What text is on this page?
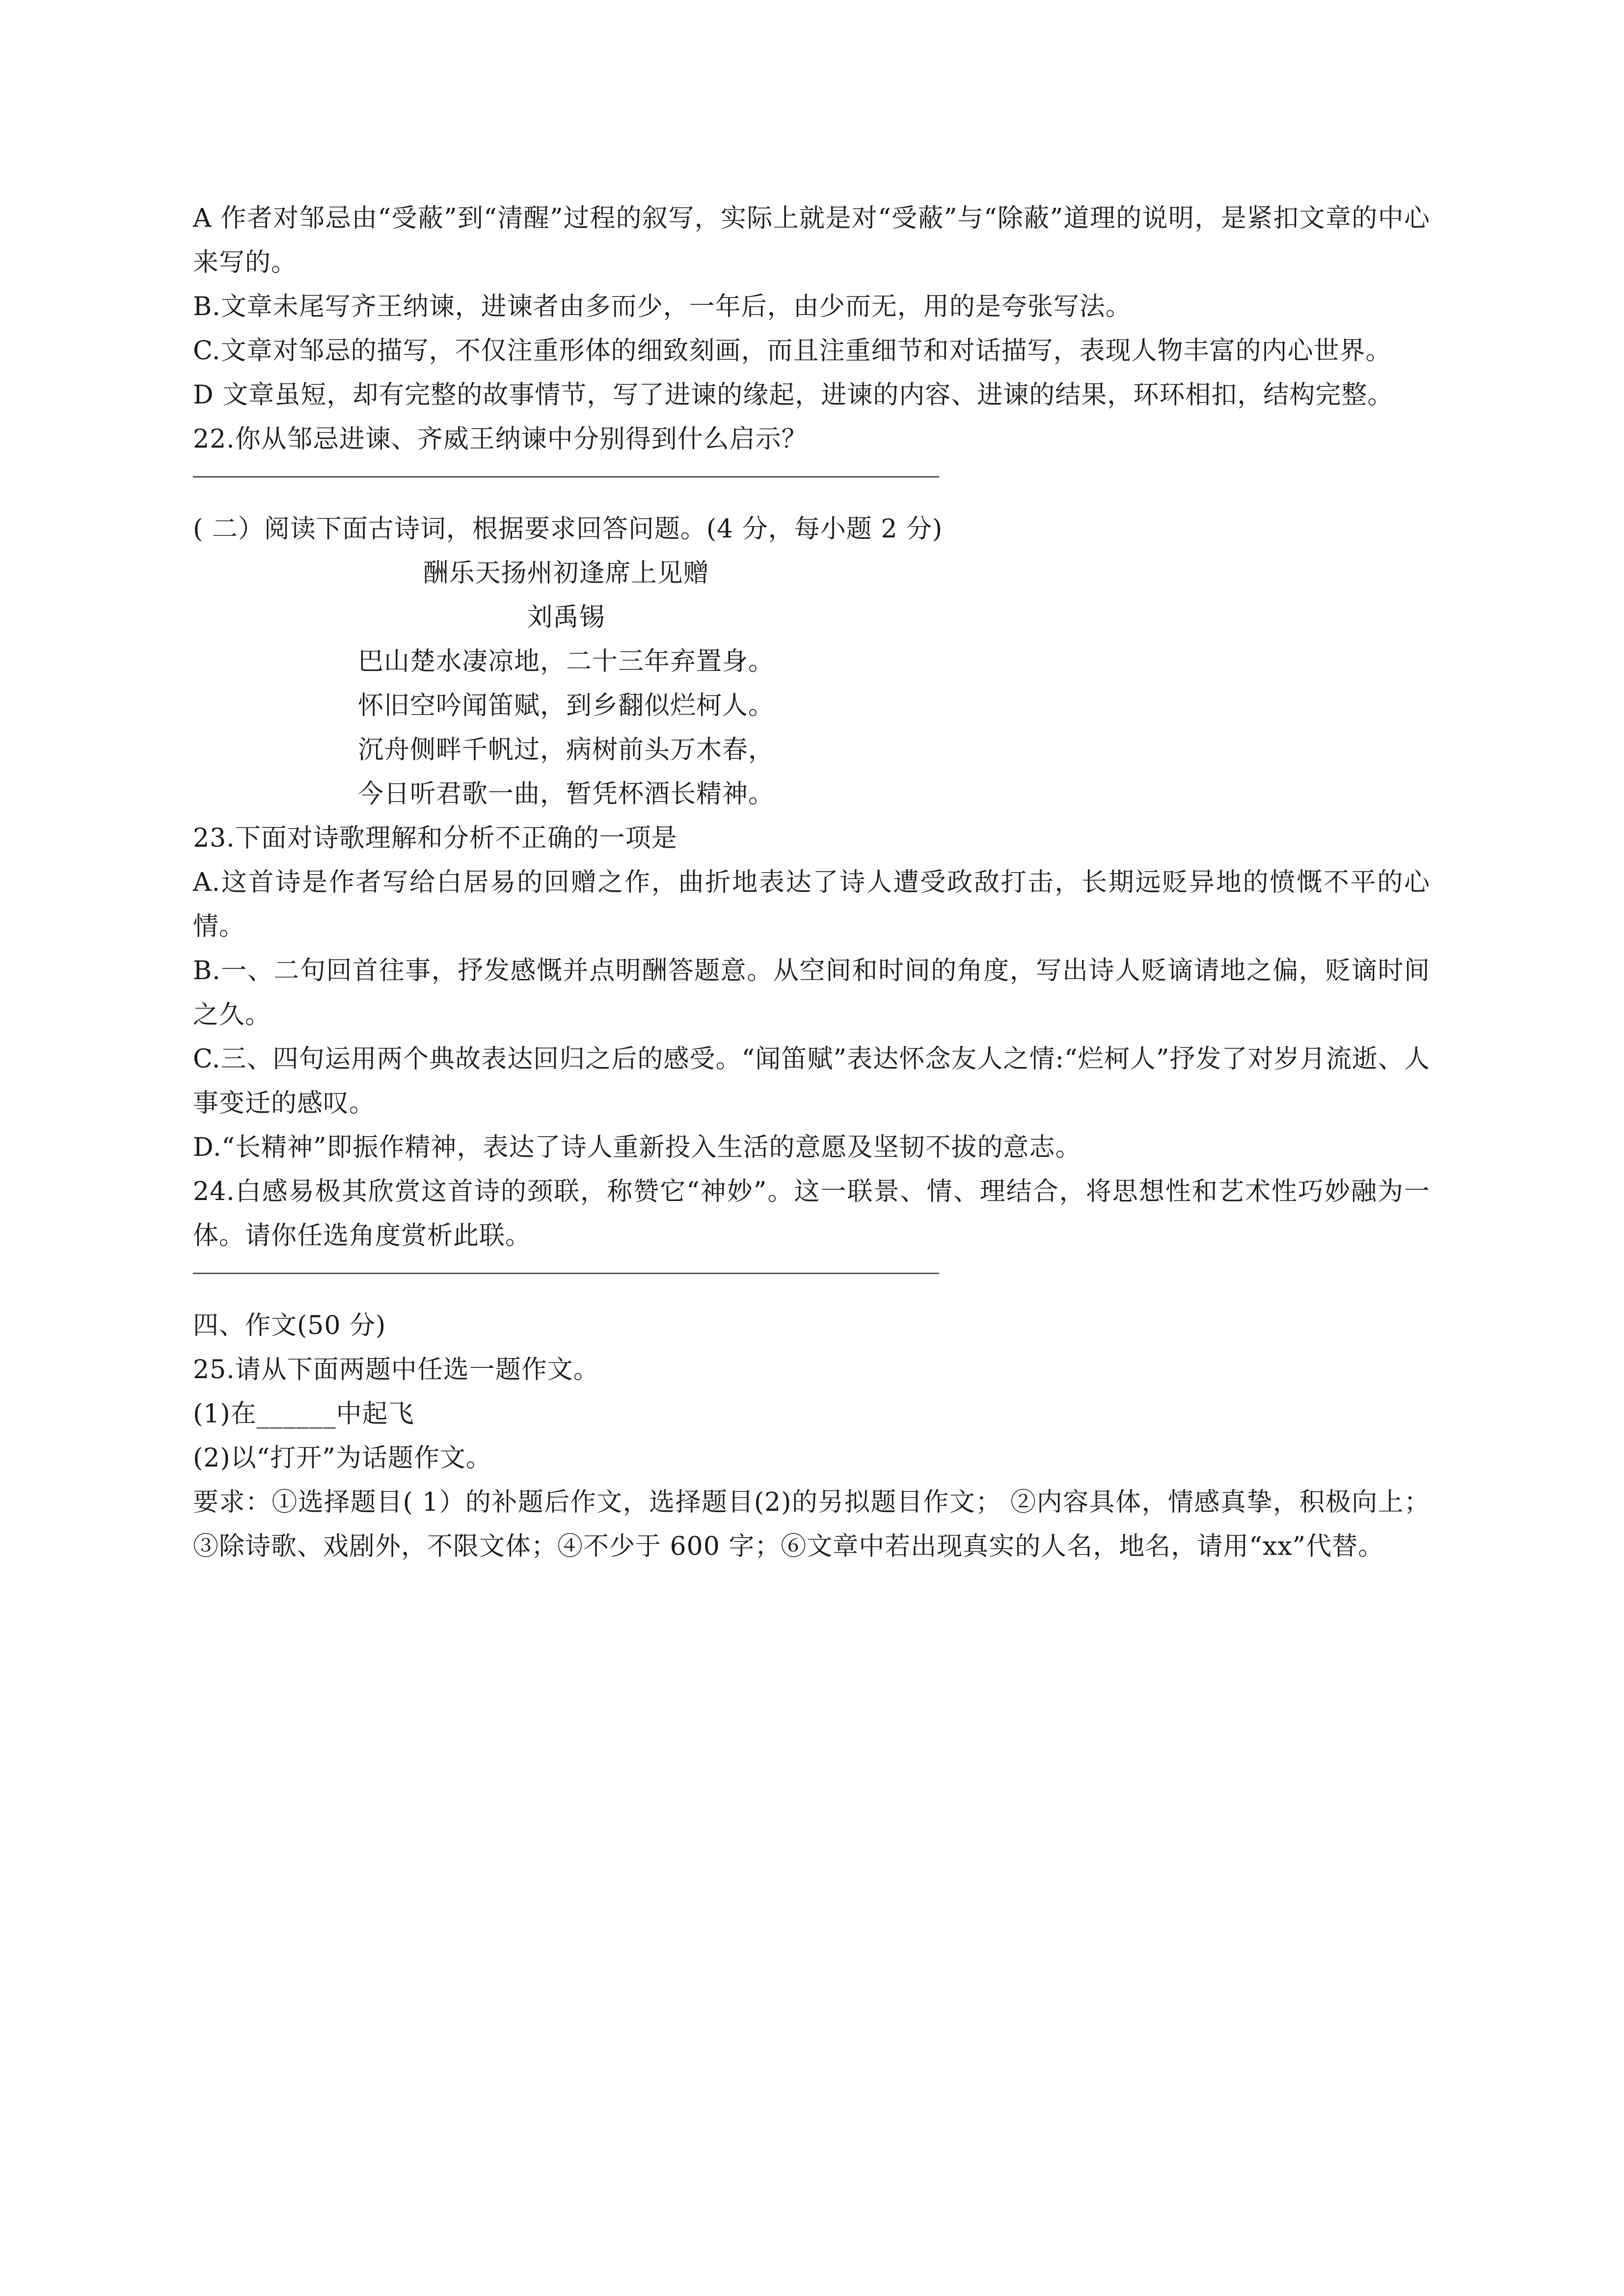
A 作者对邹忌由“受蔽”到“清醒”过程的叙写，实际上就是对“受蔽”与“除蔽”道理的说明，是紧扣文章的中心来写的。

B.文章未尾写齐王纳谏，进谏者由多而少，一年后，由少而无，用的是夸张写法。

C.文章对邹忌的描写，不仅注重形体的细致刻画，而且注重细节和对话描写，表现人物丰富的内心世界。

D 文章虽短，却有完整的故事情节，写了进谏的缘起，进谏的内容、进谏的结果，环环相扣，结构完整。

22.你从邹忌进谏、齐威王纳谏中分别得到什么启示？

( 二）阅读下面古诗词，根据要求回答问题。(4 分，每小题 2 分)

酬乐天扬州初逢席上见赠

刘禹锡

巴山楚水凄凉地，二十三年弃置身。

怀旧空吟闻笛赋，到乡翻似烂柯人。

沉舟侧畔千帆过，病树前头万木春，

今日听君歌一曲，暂凭杯酒长精神。

23.下面对诗歌理解和分析不正确的一项是

A.这首诗是作者写给白居易的回赠之作，曲折地表达了诗人遭受政敌打击，长期远贬异地的愤慨不平的心情。

B.一、二句回首往事，抒发感慨并点明酬答题意。从空间和时间的角度，写出诗人贬谪请地之偏，贬谪时间之久。

C.三、四句运用两个典故表达回归之后的感受。“闻笛赋”表达怀念友人之情:“烂柯人”抒发了对岁月流逝、人事变迁的感叹。

D.“长精神”即振作精神，表达了诗人重新投入生活的意愿及坚韧不拔的意志。

24.白感易极其欣赏这首诗的颈联，称赞它“神妙”。这一联景、情、理结合，将思想性和艺术性巧妙融为一体。请你任选角度赏析此联。

四、作文(50 分)

25.请从下面两题中任选一题作文。

(1)在______中起飞

(2)以“打开”为话题作文。

要求：①选择题目( 1）的补题后作文，选择题目(2)的另拟题目作文； ②内容具体，情感真挚，积极向上；③除诗歌、戏剧外，不限文体；④不少于 600 字；⑥文章中若出现真实的人名，地名，请用“xx”代替。
